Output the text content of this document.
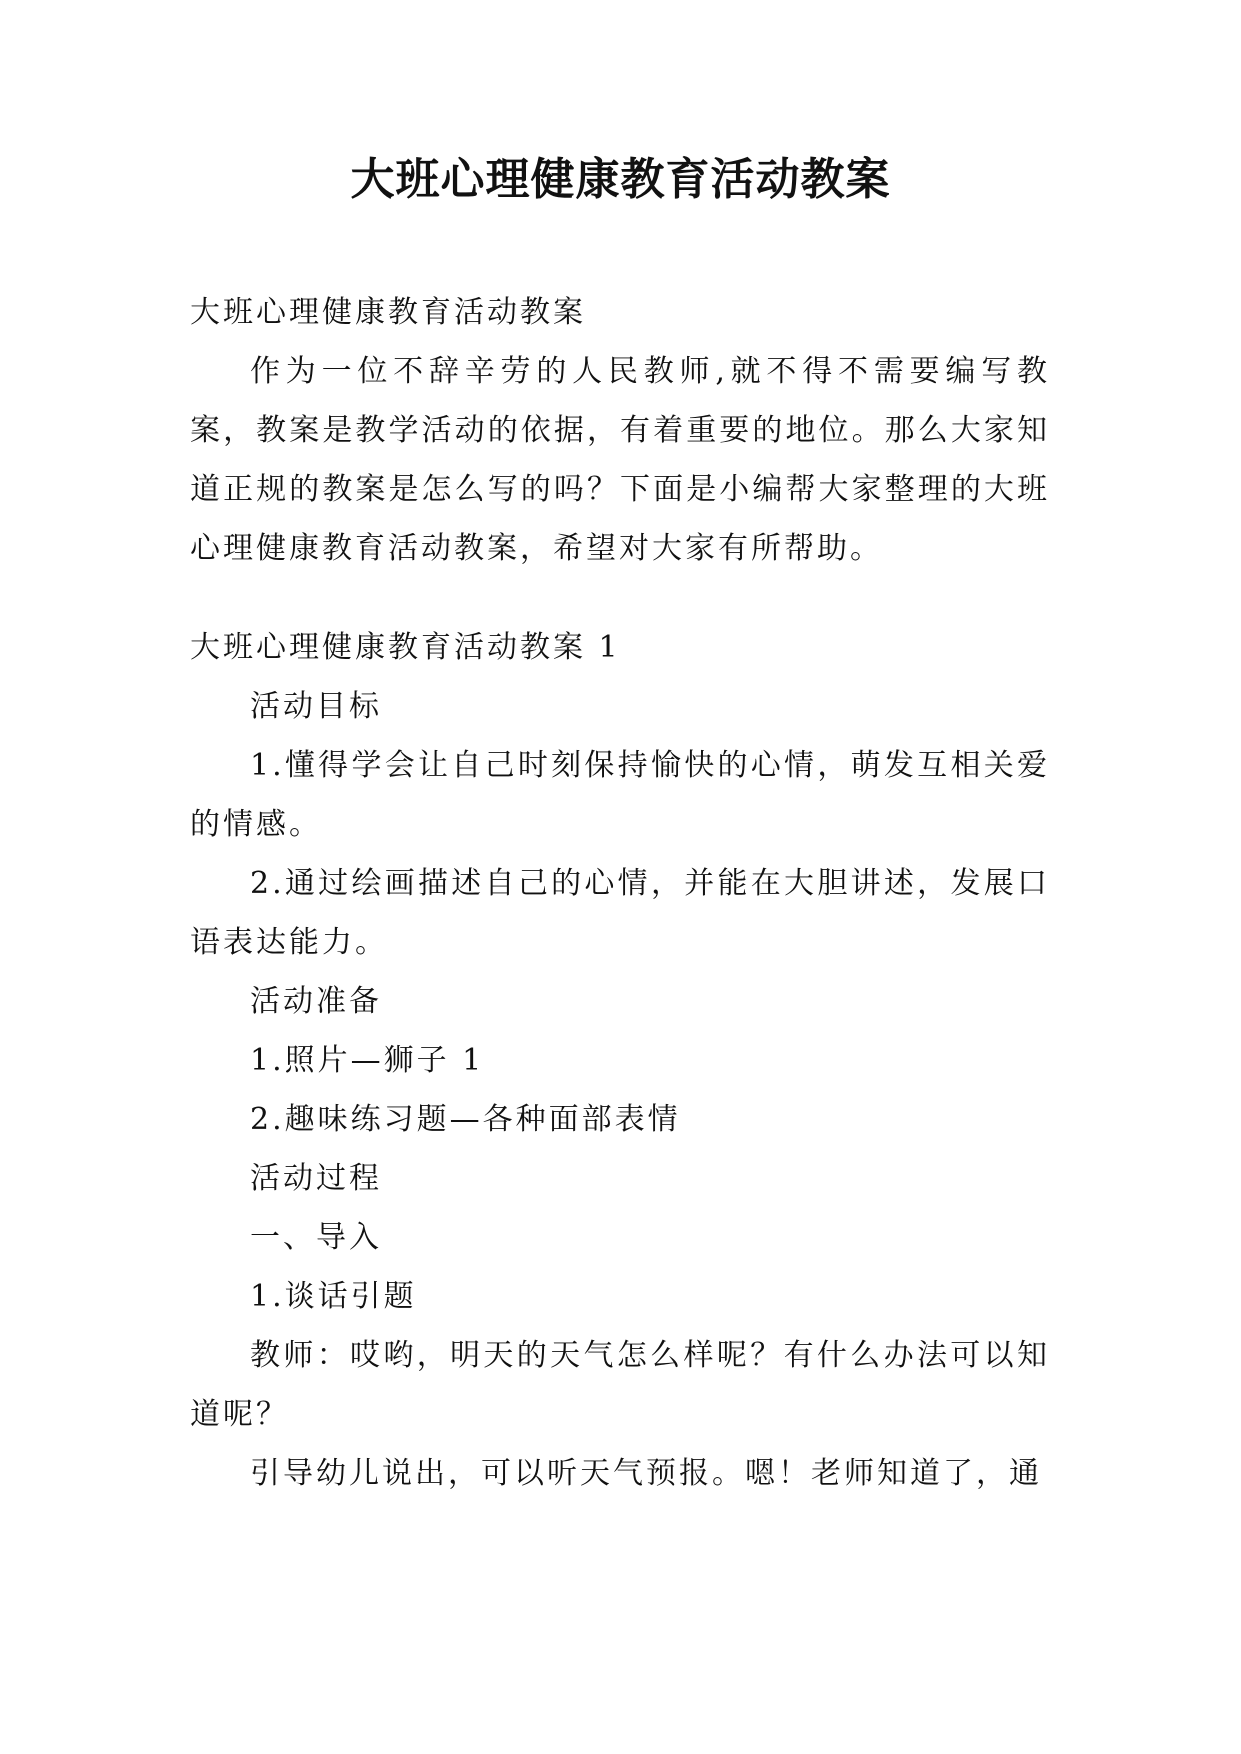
大班心理健康教育活动教案

大班心理健康教育活动教案

作为一位不辞辛劳的人民教师,就不得不需要编写教案，教案是教学活动的依据，有着重要的地位。那么大家知道正规的教案是怎么写的吗？下面是小编帮大家整理的大班心理健康教育活动教案，希望对大家有所帮助。

大班心理健康教育活动教案 1

活动目标

1.懂得学会让自己时刻保持愉快的心情，萌发互相关爱的情感。

2.通过绘画描述自己的心情，并能在大胆讲述，发展口语表达能力。

活动准备

1.照片—狮子 1

2.趣味练习题—各种面部表情

活动过程

一、导入

1.谈话引题

教师：哎哟，明天的天气怎么样呢？有什么办法可以知道呢？

引导幼儿说出，可以听天气预报。嗯！老师知道了，通
